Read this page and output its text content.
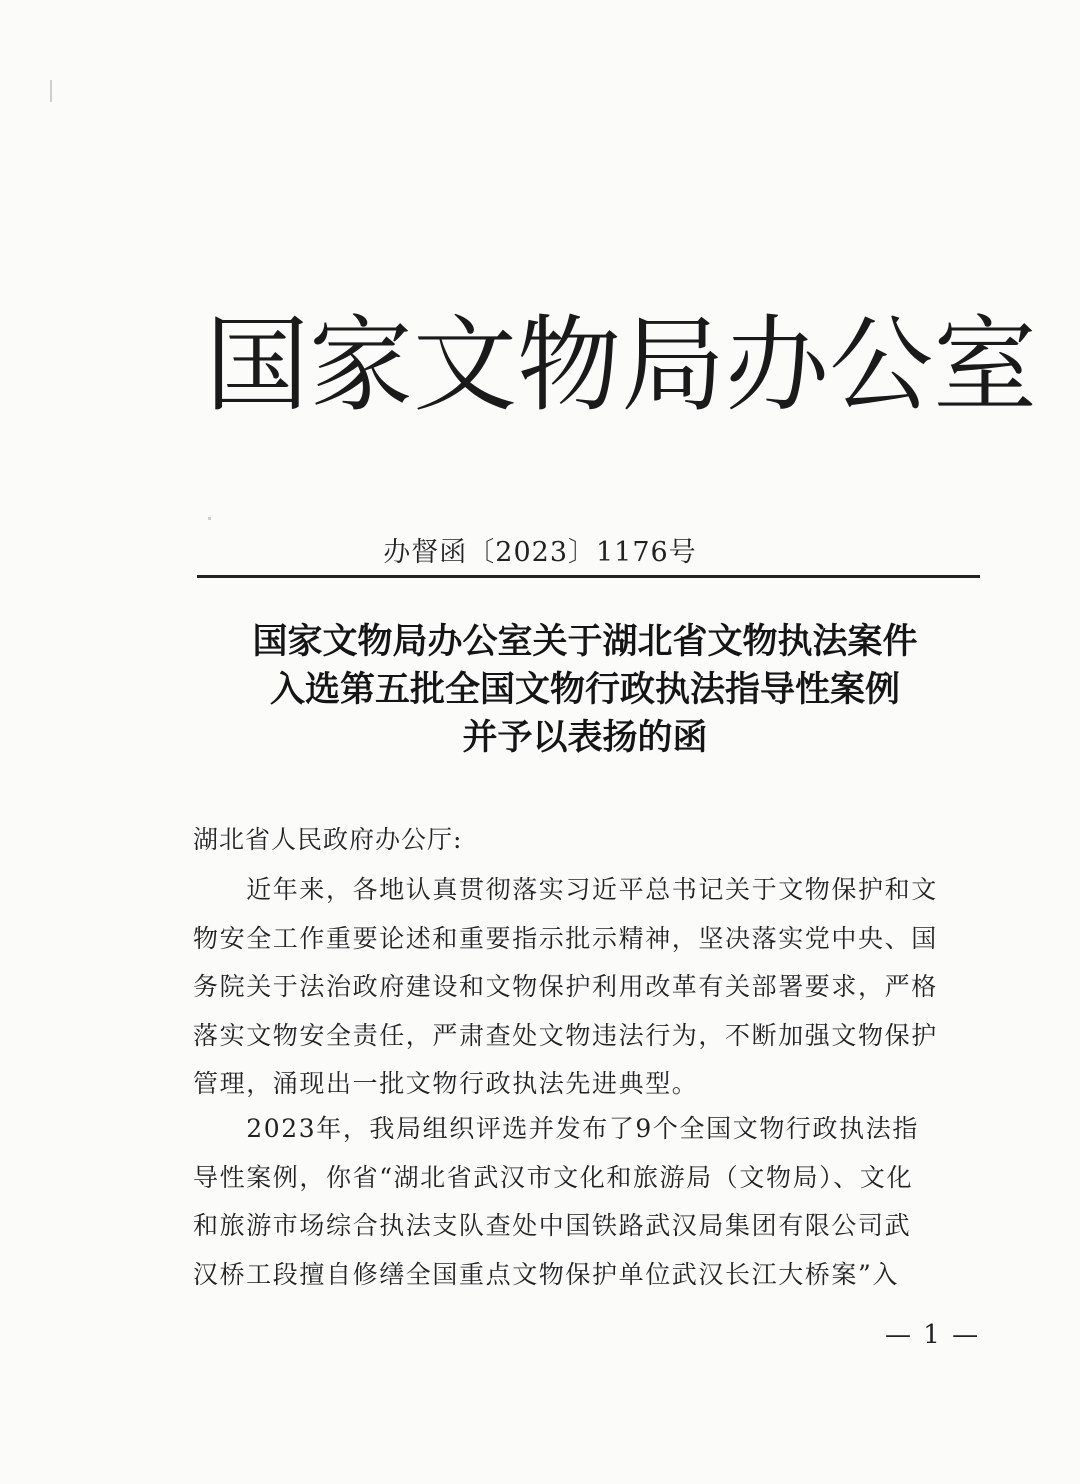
国 家 文 物 局 办 公 室
办督函〔2023〕1176号
国家文物局办公室关于湖北省文物执法案件
入选第五批全国文物行政执法指导性案例
并予以表扬的函
湖北省人民政府办公厅:
　　近年来，各地认真贯彻落实习近平总书记关于文物保护和文
物安全工作重要论述和重要指示批示精神，坚决落实党中央、国
务院关于法治政府建设和文物保护利用改革有关部署要求，严格
落实文物安全责任，严肃查处文物违法行为，不断加强文物保护
管理，涌现出一批文物行政执法先进典型。
　　2023年，我局组织评选并发布了9个全国文物行政执法指
导性案例，你省“湖北省武汉市文化和旅游局（文物局）、文化
和旅游市场综合执法支队查处中国铁路武汉局集团有限公司武
汉桥工段擅自修缮全国重点文物保护单位武汉长江大桥案”入
— 1 —
